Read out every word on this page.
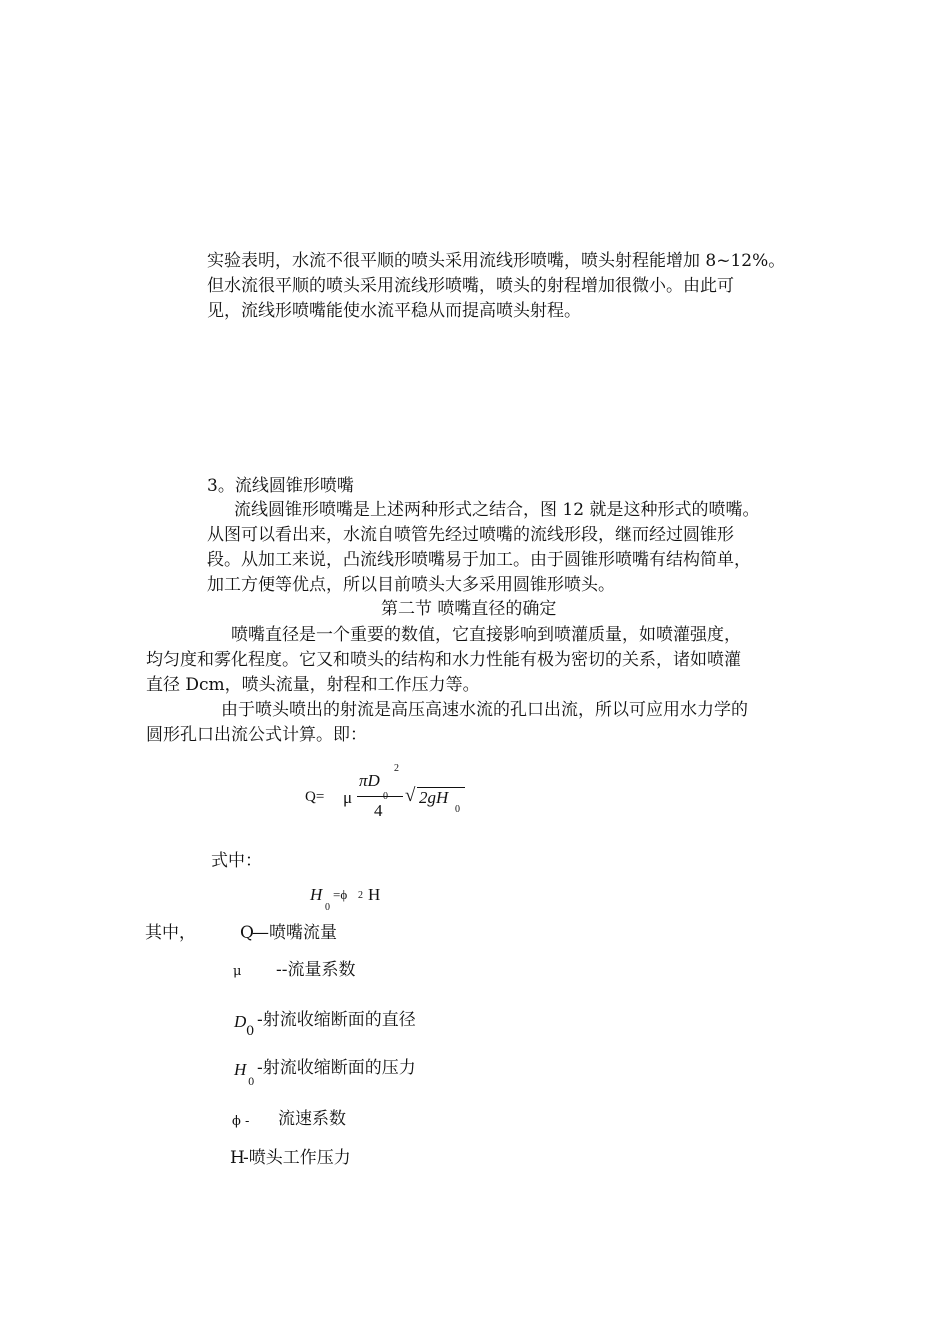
实验表明，水流不很平顺的喷头采用流线形喷嘴，喷头射程能增加 8~12%。
但水流很平顺的喷头采用流线形喷嘴，喷头的射程增加很微小。由此可
见，流线形喷嘴能使水流平稳从而提高喷头射程。
3。流线圆锥形喷嘴
流线圆锥形喷嘴是上述两种形式之结合，图 12 就是这种形式的喷嘴。
从图可以看出来，水流自喷管先经过喷嘴的流线形段，继而经过圆锥形
段。从加工来说，凸流线形喷嘴易于加工。由于圆锥形喷嘴有结构简单，
加工方便等优点，所以目前喷头大多采用圆锥形喷头。
第二节 喷嘴直径的确定
喷嘴直径是一个重要的数值，它直接影响到喷灌质量，如喷灌强度，
均匀度和雾化程度。它又和喷头的结构和水力性能有极为密切的关系，诸如喷灌
直径 Dcm，喷头流量，射程和工作压力等。
由于喷头喷出的射流是高压高速水流的孔口出流，所以可应用水力学的
圆形孔口出流公式计算。即：
Q= μ
πD
2
0
4
√ 2gH
0
式中：
H
0
=ϕ 2 H
其中，	Q
—喷嘴流量
μ --流量系数
D
0
-射流收缩断面的直径
H
0
-射流收缩断面的压力
ϕ - 流速系数
H
-喷头工作压力
